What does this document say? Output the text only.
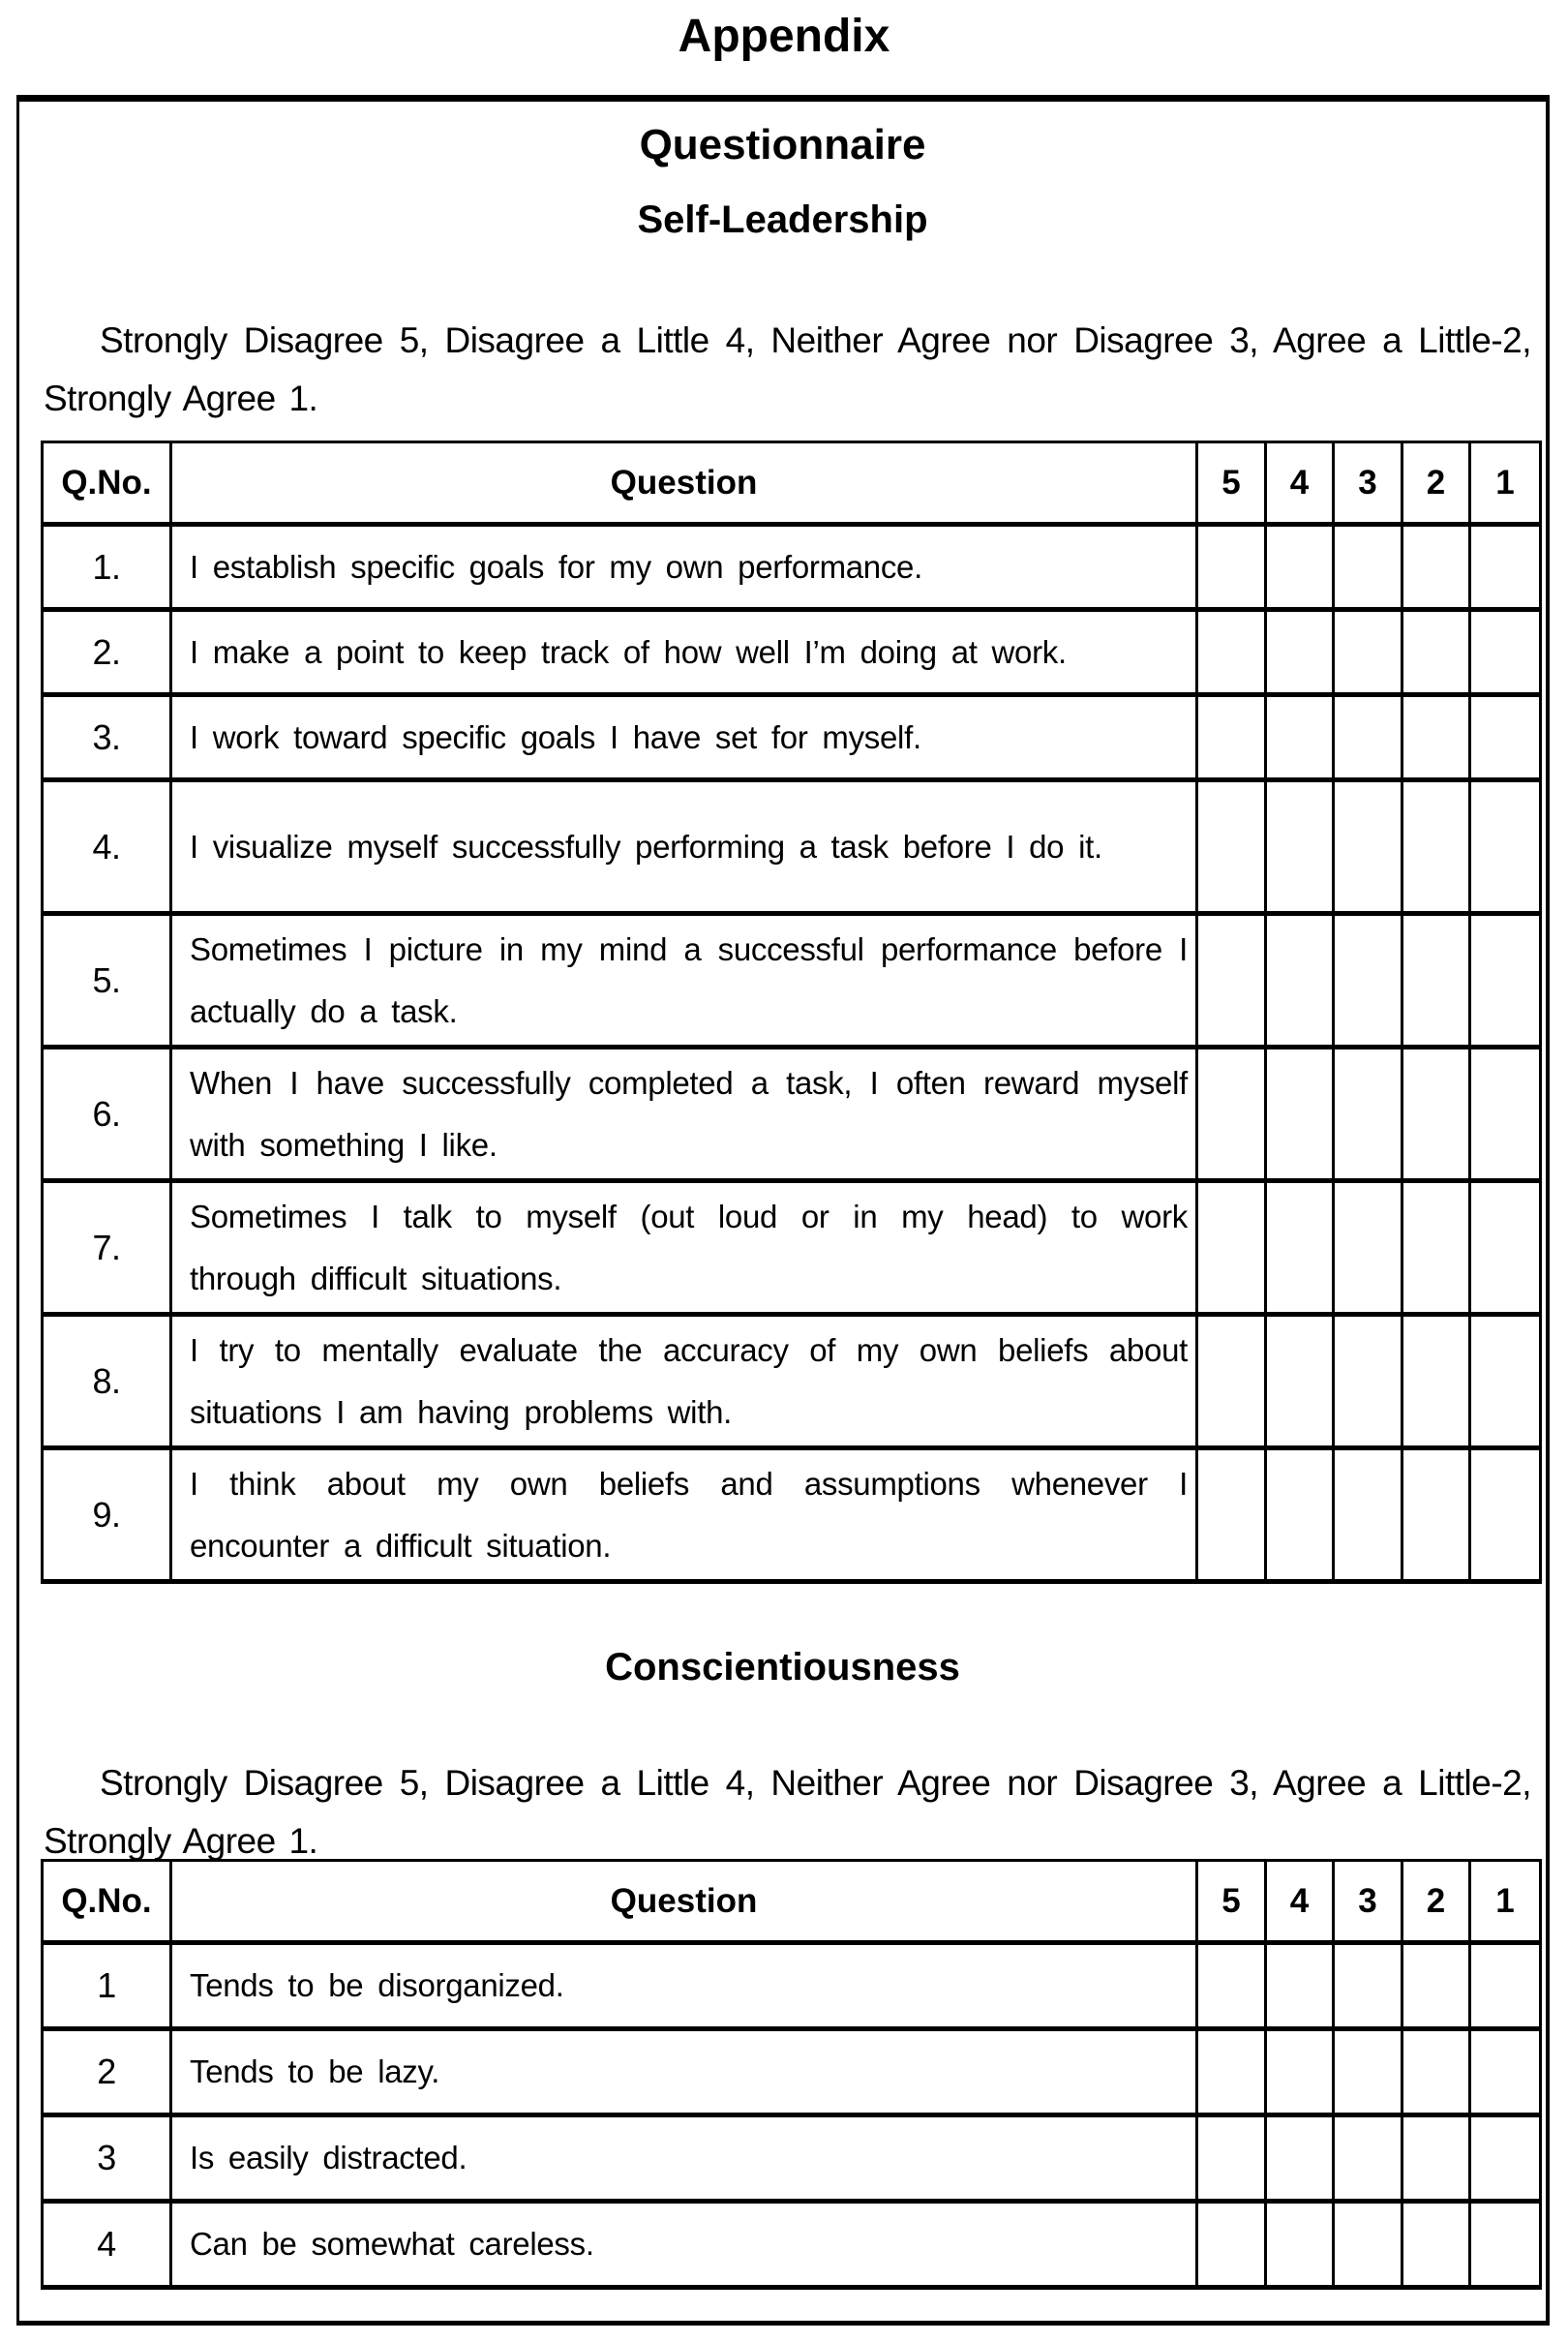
Appendix
Questionnaire
Self-Leadership

Strongly Disagree 5, Disagree a Little 4, Neither Agree nor Disagree 3, Agree a Little-2, Strongly Agree 1.

Q.No.	Question	5	4	3	2	1
1.	I establish specific goals for my own performance.					
2.	I make a point to keep track of how well I’m doing at work.					
3.	I work toward specific goals I have set for myself.					
4.	I visualize myself successfully performing a task before I do it.					
5.	Sometimes I picture in my mind a successful performance before I actually do a task.					
6.	When I have successfully completed a task, I often reward myself with something I like.					
7.	Sometimes I talk to myself (out loud or in my head) to work through difficult situations.					
8.	I try to mentally evaluate the accuracy of my own beliefs about situations I am having problems with.					
9.	I think about my own beliefs and assumptions whenever I encounter a difficult situation.					
Conscientiousness

Strongly Disagree 5, Disagree a Little 4, Neither Agree nor Disagree 3, Agree a Little-2, Strongly Agree 1.

Q.No.	Question	5	4	3	2	1
1	Tends to be disorganized.					
2	Tends to be lazy.					
3	Is easily distracted.					
4	Can be somewhat careless.					
